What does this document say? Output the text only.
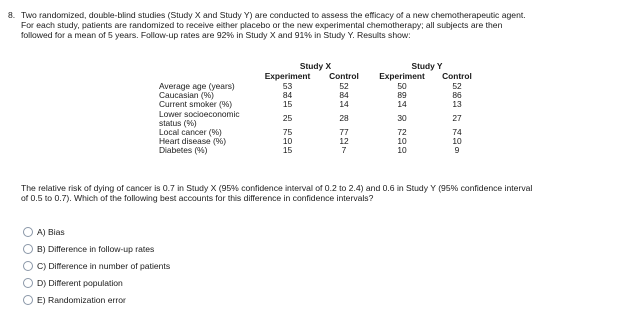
8. Two randomized, double-blind studies (Study X and Study Y) are conducted to assess the efficacy of a new chemotherapeutic agent.
For each study, patients are randomized to receive either placebo or the new experimental chemotherapy; all subjects are then
followed for a mean of 5 years. Follow-up rates are 92% in Study X and 91% in Study Y. Results show:
	Study X		Study Y	
	Experiment	Control	Experiment	Control
Average age (years)	53	52	50	52
Caucasian (%)	84	84	89	86
Current smoker (%)	15	14	14	13
Lower socioeconomic status (%)	25	28	30	27
Local cancer (%)	75	77	72	74
Heart disease (%)	10	12	10	10
Diabetes (%)	15	7	10	9
The relative risk of dying of cancer is 0.7 in Study X (95% confidence interval of 0.2 to 2.4) and 0.6 in Study Y (95% confidence interval
of 0.5 to 0.7). Which of the following best accounts for this difference in confidence intervals?
A) Bias
B) Difference in follow-up rates
C) Difference in number of patients
D) Different population
E) Randomization error
